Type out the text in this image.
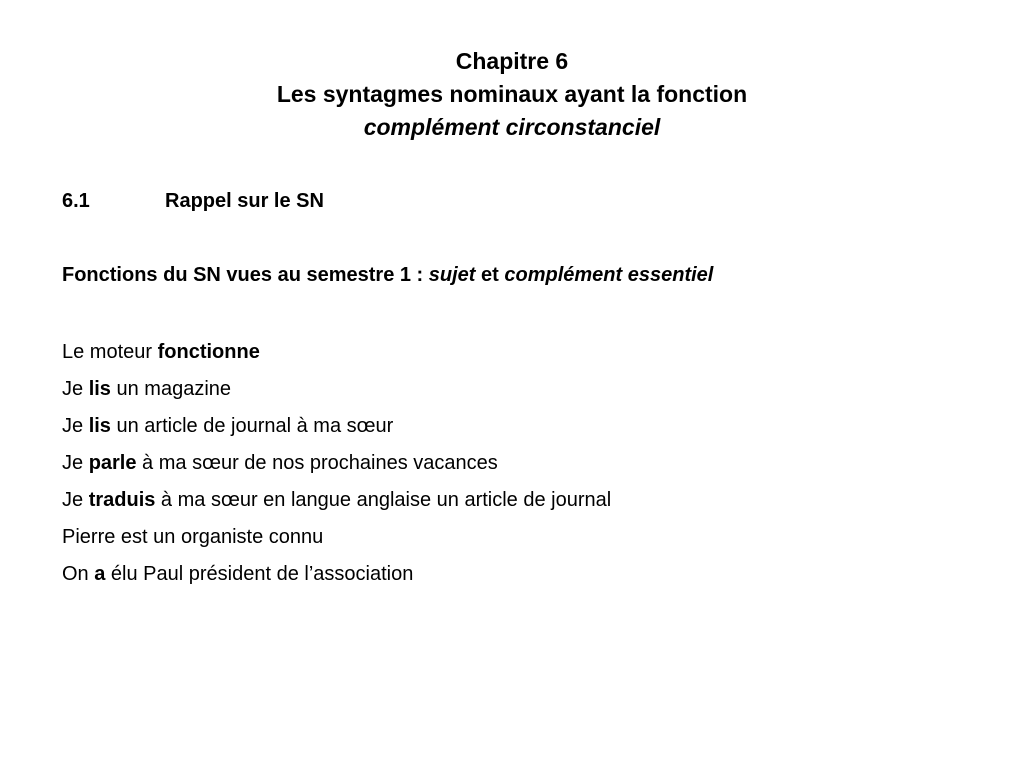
Chapitre 6
Les syntagmes nominaux ayant la fonction
complément circonstanciel
6.1	Rappel sur le SN
Fonctions du SN vues au semestre 1 : sujet et complément essentiel
Le moteur fonctionne
Je lis un magazine
Je lis un article de journal à ma sœur
Je parle à ma sœur de nos prochaines vacances
Je traduis à ma sœur en langue anglaise un article de journal
Pierre est un organiste connu
On a élu Paul président de l’association
